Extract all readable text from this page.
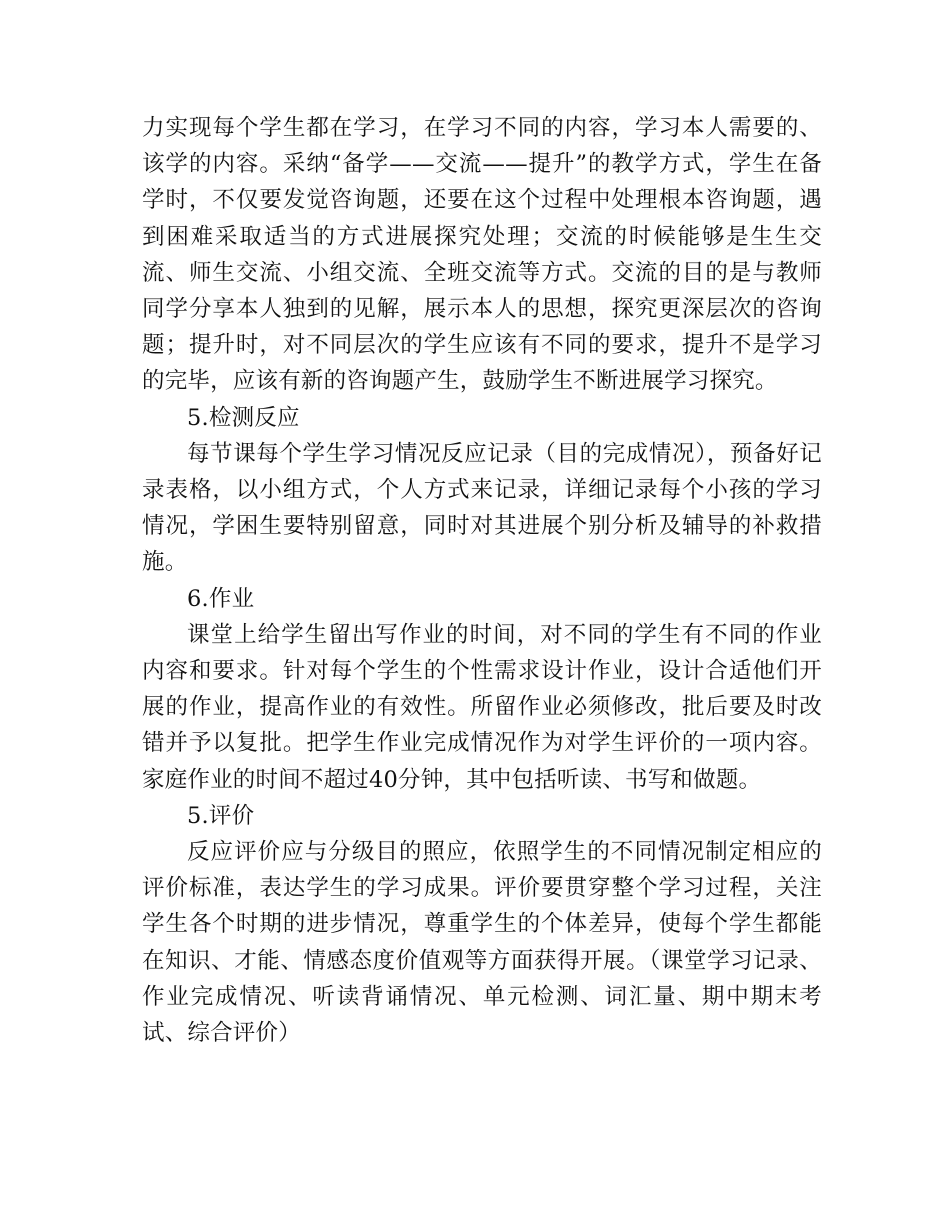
力实现每个学生都在学习，在学习不同的内容，学习本人需要的、该学的内容。采纳“备学——交流——提升”的教学方式，学生在备学时，不仅要发觉咨询题，还要在这个过程中处理根本咨询题，遇到困难采取适当的方式进展探究处理；交流的时候能够是生生交流、师生交流、小组交流、全班交流等方式。交流的目的是与教师同学分享本人独到的见解，展示本人的思想，探究更深层次的咨询题；提升时，对不同层次的学生应该有不同的要求，提升不是学习的完毕，应该有新的咨询题产生，鼓励学生不断进展学习探究。

5.检测反应

每节课每个学生学习情况反应记录（目的完成情况），预备好记录表格，以小组方式，个人方式来记录，详细记录每个小孩的学习情况，学困生要特别留意，同时对其进展个别分析及辅导的补救措施。

6.作业

课堂上给学生留出写作业的时间，对不同的学生有不同的作业内容和要求。针对每个学生的个性需求设计作业，设计合适他们开展的作业，提高作业的有效性。所留作业必须修改，批后要及时改错并予以复批。把学生作业完成情况作为对学生评价的一项内容。家庭作业的时间不超过40分钟，其中包括听读、书写和做题。

5.评价

反应评价应与分级目的照应，依照学生的不同情况制定相应的评价标准，表达学生的学习成果。评价要贯穿整个学习过程，关注学生各个时期的进步情况，尊重学生的个体差异，使每个学生都能在知识、才能、情感态度价值观等方面获得开展。（课堂学习记录、作业完成情况、听读背诵情况、单元检测、词汇量、期中期末考试、综合评价）
